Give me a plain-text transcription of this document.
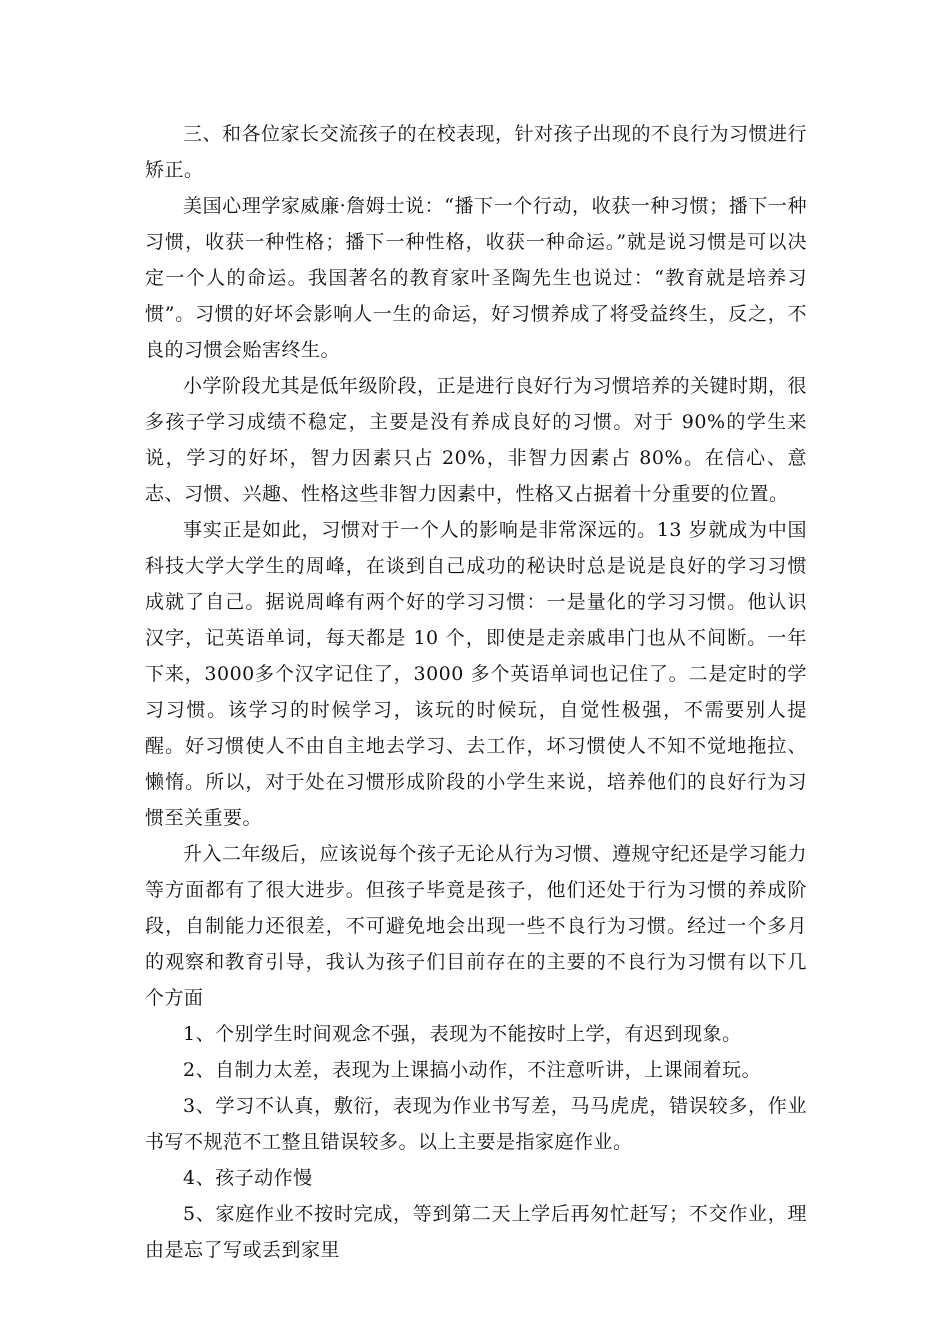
三、和各位家长交流孩子的在校表现，针对孩子出现的不良行为习惯进行矫正。

美国心理学家威廉·詹姆士说：“播下一个行动，收获一种习惯；播下一种习惯，收获一种性格；播下一种性格，收获一种命运。”就是说习惯是可以决定一个人的命运。我国著名的教育家叶圣陶先生也说过：“教育就是培养习惯”。习惯的好坏会影响人一生的命运，好习惯养成了将受益终生，反之，不良的习惯会贻害终生。

小学阶段尤其是低年级阶段，正是进行良好行为习惯培养的关键时期，很多孩子学习成绩不稳定，主要是没有养成良好的习惯。对于 90%的学生来说，学习的好坏，智力因素只占 20%，非智力因素占 80%。在信心、意志、习惯、兴趣、性格这些非智力因素中，性格又占据着十分重要的位置。

事实正是如此，习惯对于一个人的影响是非常深远的。13 岁就成为中国科技大学大学生的周峰，在谈到自己成功的秘诀时总是说是良好的学习习惯成就了自己。据说周峰有两个好的学习习惯：一是量化的学习习惯。他认识汉字，记英语单词，每天都是 10 个，即使是走亲戚串门也从不间断。一年下来，3000多个汉字记住了，3000 多个英语单词也记住了。二是定时的学习习惯。该学习的时候学习，该玩的时候玩，自觉性极强，不需要别人提醒。好习惯使人不由自主地去学习、去工作，坏习惯使人不知不觉地拖拉、懒惰。所以，对于处在习惯形成阶段的小学生来说，培养他们的良好行为习惯至关重要。

升入二年级后，应该说每个孩子无论从行为习惯、遵规守纪还是学习能力等方面都有了很大进步。但孩子毕竟是孩子，他们还处于行为习惯的养成阶段，自制能力还很差，不可避免地会出现一些不良行为习惯。经过一个多月的观察和教育引导，我认为孩子们目前存在的主要的不良行为习惯有以下几个方面

1、个别学生时间观念不强，表现为不能按时上学，有迟到现象。

2、自制力太差，表现为上课搞小动作，不注意听讲，上课闹着玩。

3、学习不认真，敷衍，表现为作业书写差，马马虎虎，错误较多，作业书写不规范不工整且错误较多。以上主要是指家庭作业。

4、孩子动作慢

5、家庭作业不按时完成，等到第二天上学后再匆忙赶写；不交作业，理由是忘了写或丢到家里
